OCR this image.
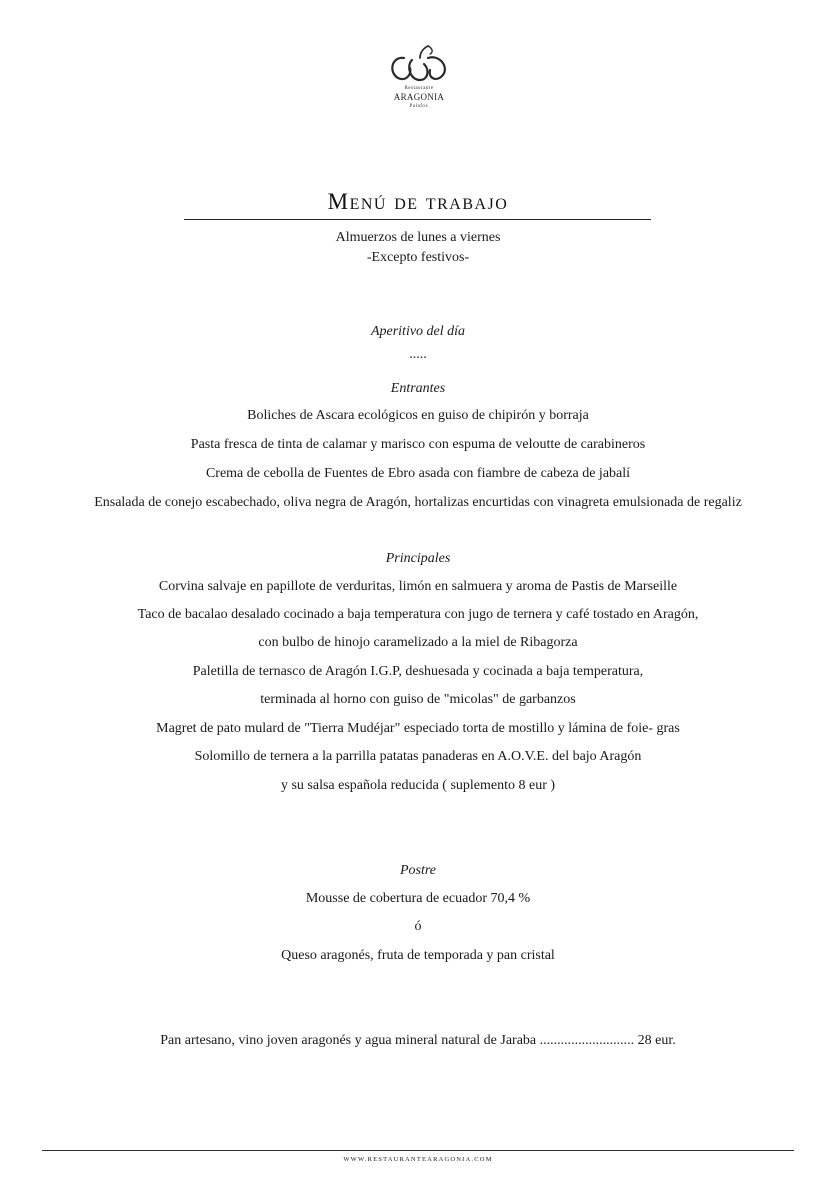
Restaurante
ARAGONIA
Palafox
Menú de trabajo
Almuerzos de lunes a viernes
-Excepto festivos-
Aperitivo del día
.....
Entrantes
Boliches de Ascara ecológicos en guiso de chipirón y borraja
Pasta fresca de tinta de calamar y marisco con espuma de veloutte de carabineros
Crema de cebolla de Fuentes de Ebro asada con fiambre de cabeza de jabalí
Ensalada de conejo escabechado, oliva negra de Aragón, hortalizas encurtidas con vinagreta emulsionada de regaliz
Principales
Corvina salvaje en papillote de verduritas, limón en salmuera y aroma de Pastis de Marseille
Taco de bacalao desalado cocinado a baja temperatura con jugo de ternera y café tostado en Aragón,
con bulbo de hinojo caramelizado a la miel de Ribagorza
Paletilla de ternasco de Aragón I.G.P, deshuesada y cocinada a baja temperatura,
terminada al horno con guiso de "micolas" de garbanzos
Magret de pato mulard de "Tierra Mudéjar" especiado torta de mostillo y lámina de foie- gras
Solomillo de ternera a la parrilla patatas panaderas en A.O.V.E. del bajo Aragón
y su salsa española reducida ( suplemento 8 eur )
Postre
Mousse de cobertura de ecuador 70,4 %
ó
Queso aragonés, fruta de temporada y pan cristal
Pan artesano, vino joven aragonés y agua mineral natural de Jaraba ........................... 28 eur.
WWW.RESTAURANTEARAGONIA.COM
